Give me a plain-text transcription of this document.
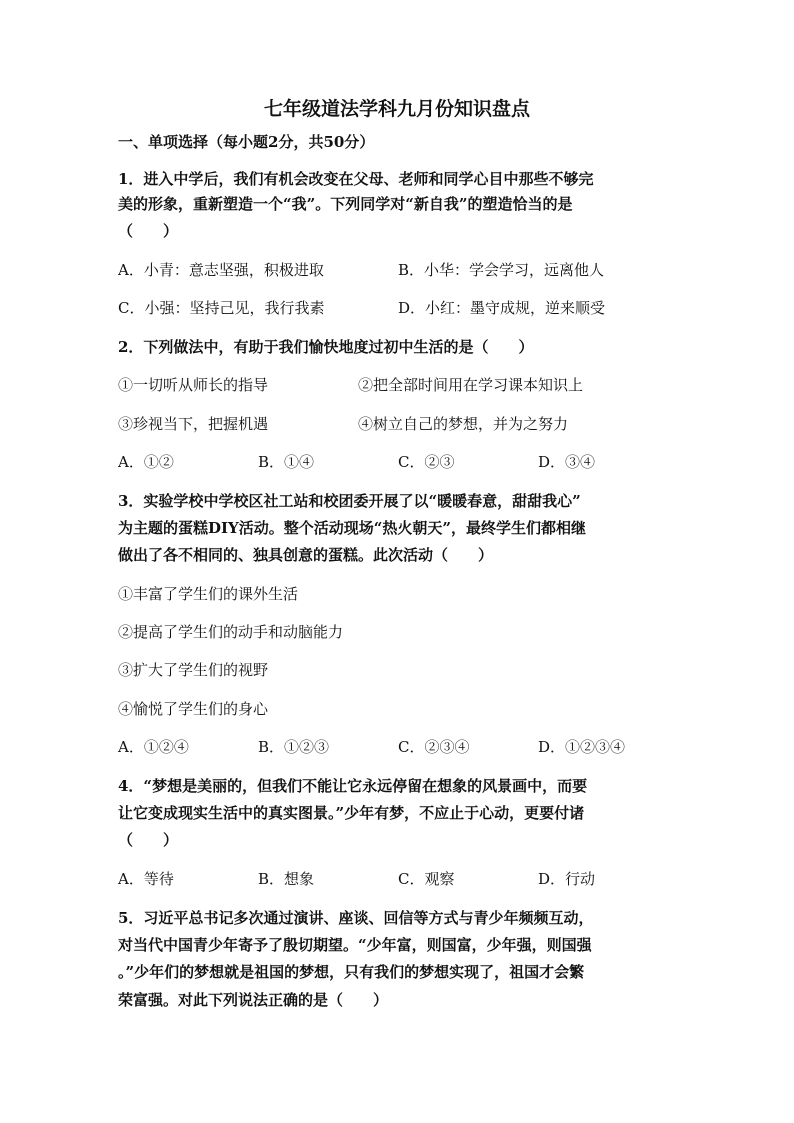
七年级道法学科九月份知识盘点
一、单项选择（每小题2分，共50分）
1．进入中学后，我们有机会改变在父母、老师和同学心目中那些不够完
美的形象，重新塑造一个“我”。下列同学对“新自我”的塑造恰当的是
（　　）
A．小青：意志坚强，积极进取	B．小华：学会学习，远离他人
C．小强：坚持己见，我行我素	D．小红：墨守成规，逆来顺受
2．下列做法中，有助于我们愉快地度过初中生活的是（　　）
①一切听从师长的指导	②把全部时间用在学习课本知识上
③珍视当下，把握机遇	④树立自己的梦想，并为之努力
A．①②	B．①④	C．②③	D．③④
3．实验学校中学校区社工站和校团委开展了以“暖暖春意，甜甜我心”
为主题的蛋糕DIY活动。整个活动现场“热火朝天”，最终学生们都相继
做出了各不相同的、独具创意的蛋糕。此次活动（　　）
①丰富了学生们的课外生活
②提高了学生们的动手和动脑能力
③扩大了学生们的视野
④愉悦了学生们的身心
A．①②④	B．①②③	C．②③④	D．①②③④
4．“梦想是美丽的，但我们不能让它永远停留在想象的风景画中，而要
让它变成现实生活中的真实图景。”少年有梦，不应止于心动，更要付诸
（　　）
A．等待	B．想象	C．观察	D．行动
5．习近平总书记多次通过演讲、座谈、回信等方式与青少年频频互动，
对当代中国青少年寄予了殷切期望。“少年富，则国富，少年强，则国强
。”少年们的梦想就是祖国的梦想，只有我们的梦想实现了，祖国才会繁
荣富强。对此下列说法正确的是（　　）
